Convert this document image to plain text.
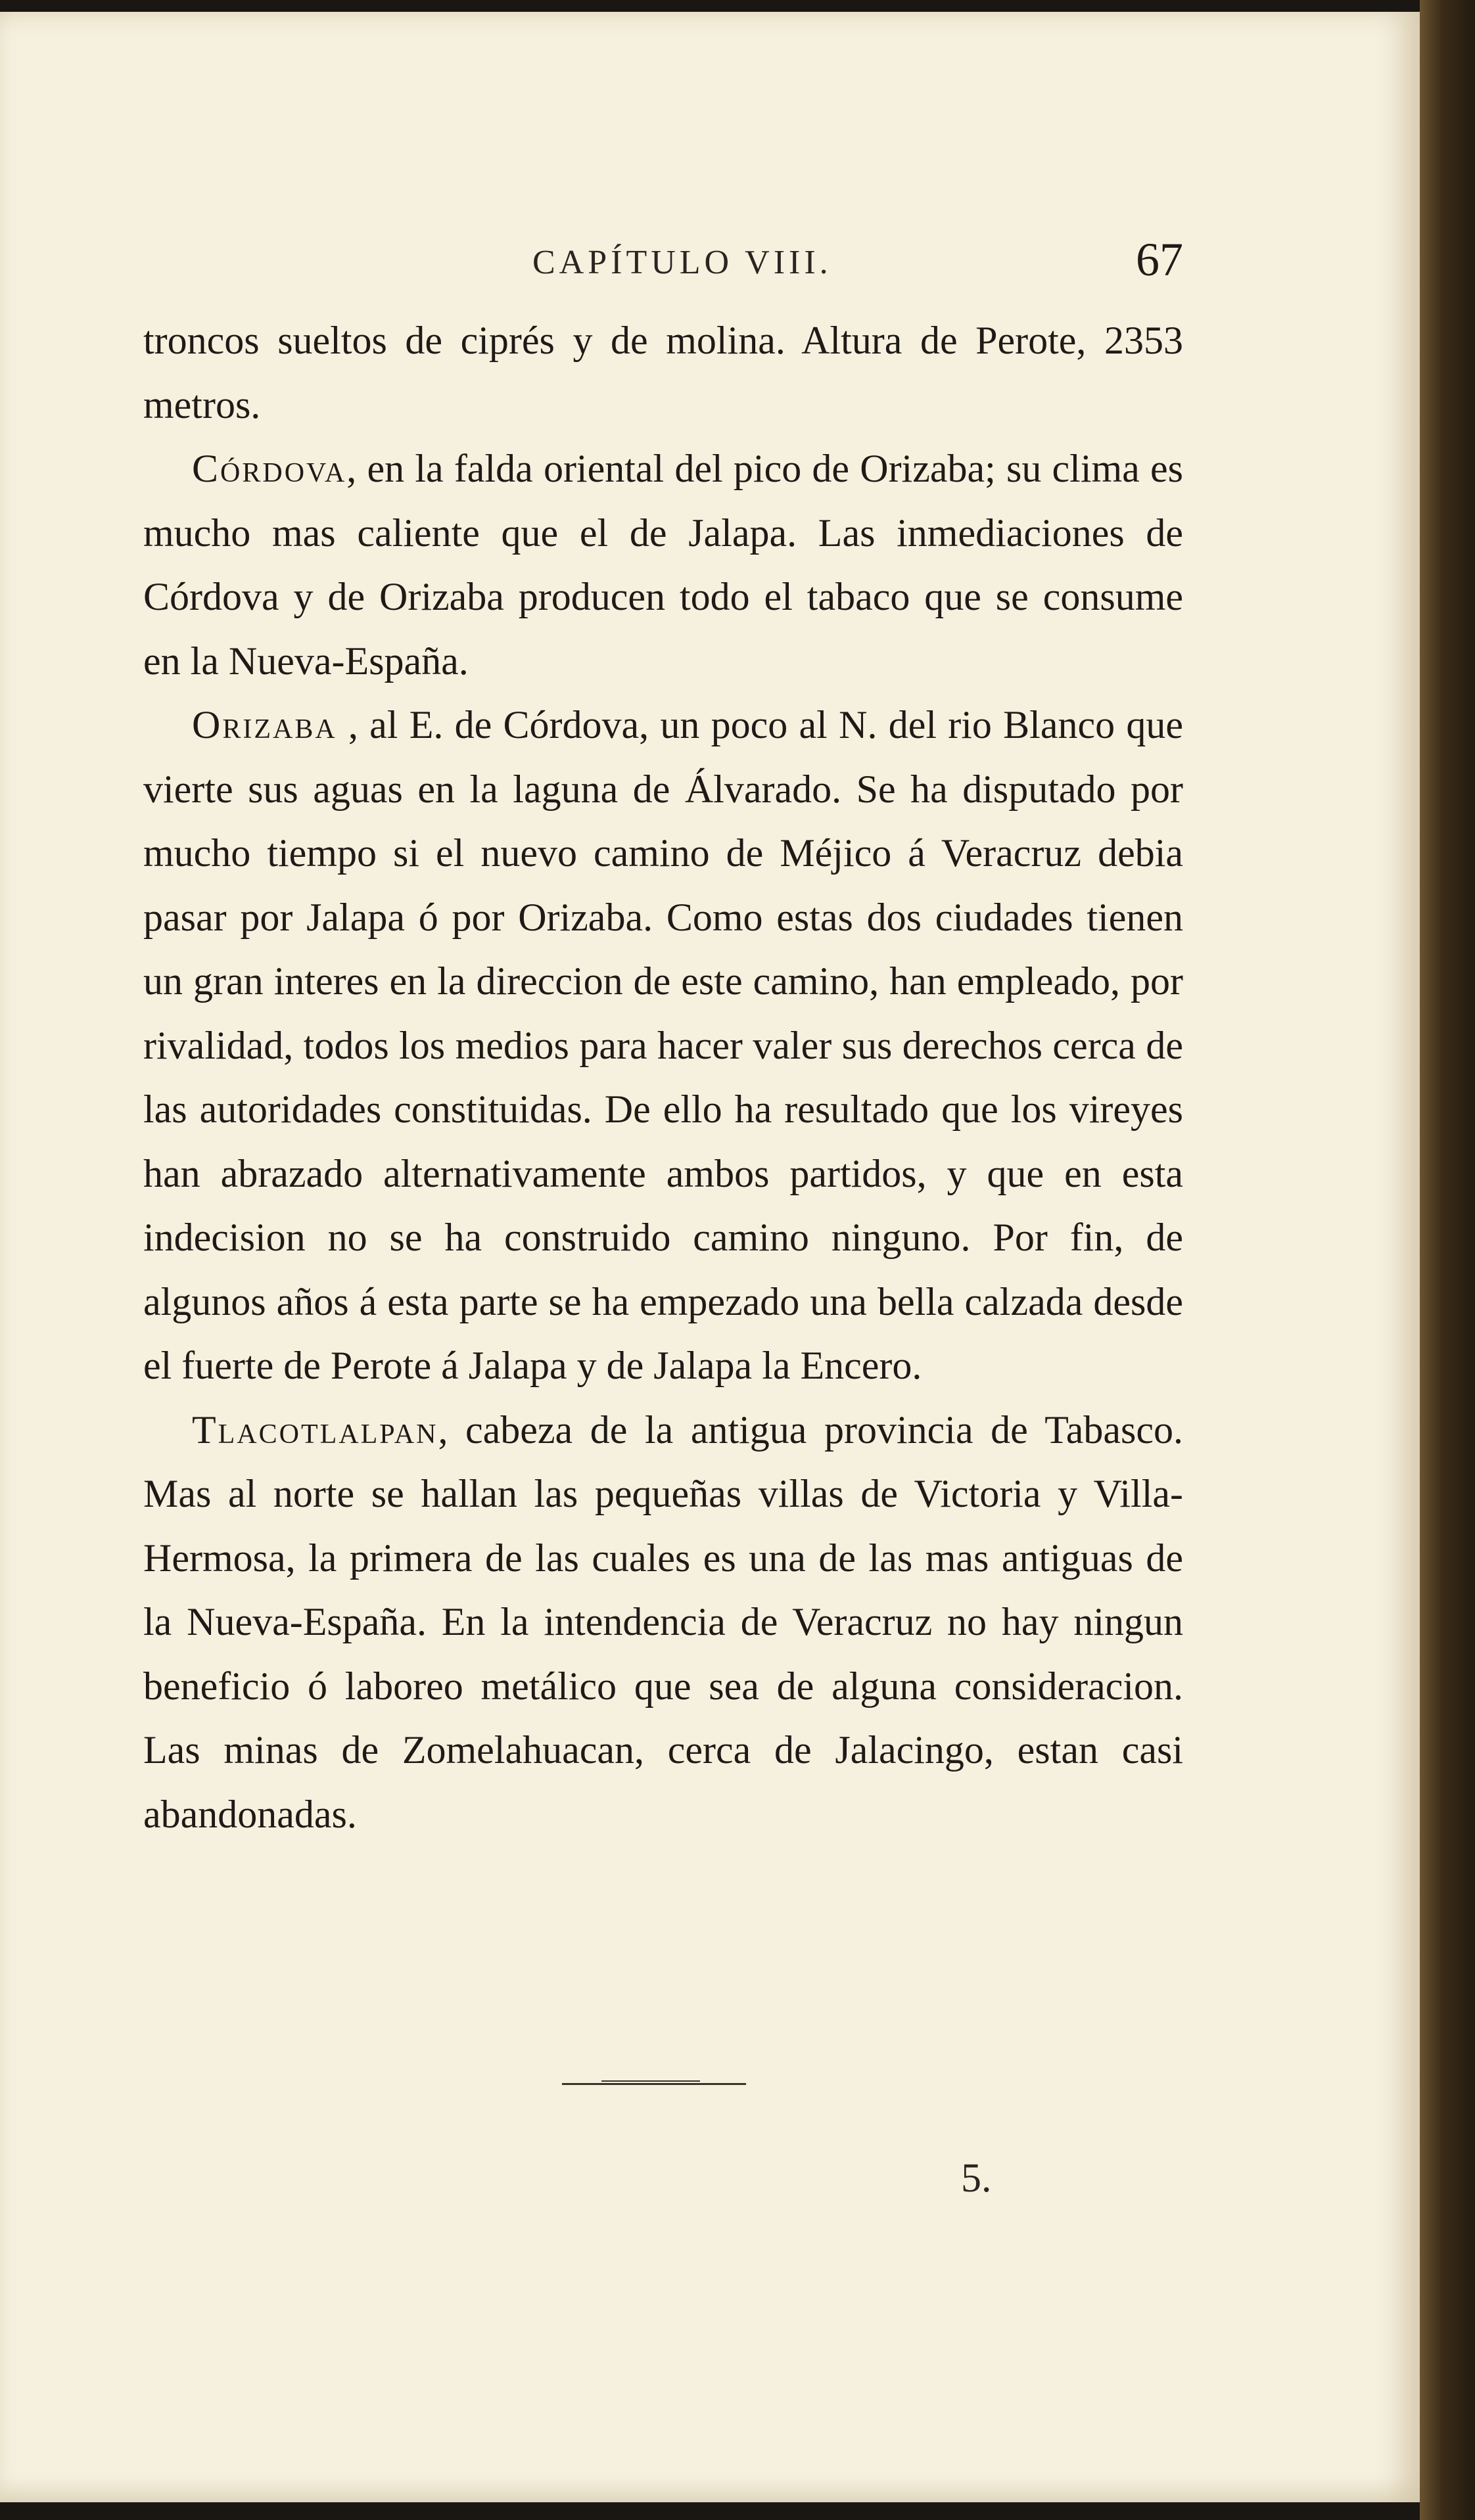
CAPÍTULO VIII.	67

troncos sueltos de ciprés y de molina. Altura de Perote, 2353 metros.

Córdova, en la falda oriental del pico de Orizaba; su clima es mucho mas caliente que el de Jalapa. Las inmediaciones de Córdova y de Orizaba producen todo el tabaco que se consume en la Nueva-España.

Orizaba , al E. de Córdova, un poco al N. del rio Blanco que vierte sus aguas en la laguna de Álvarado. Se ha disputado por mucho tiempo si el nuevo camino de Méjico á Veracruz debia pasar por Jalapa ó por Orizaba. Como estas dos ciudades tienen un gran interes en la direccion de este camino, han empleado, por rivalidad, todos los medios para hacer valer sus derechos cerca de las autoridades constituidas. De ello ha resultado que los vireyes han abrazado alternativamente ambos partidos, y que en esta indecision no se ha construido camino ninguno. Por fin, de algunos años á esta parte se ha empezado una bella calzada desde el fuerte de Perote á Jalapa y de Jalapa la Encero.

Tlacotlalpan, cabeza de la antigua provincia de Tabasco. Mas al norte se hallan las pequeñas villas de Victoria y Villa-Hermosa, la primera de las cuales es una de las mas antiguas de la Nueva-España. En la intendencia de Veracruz no hay ningun beneficio ó laboreo metálico que sea de alguna consideracion. Las minas de Zomelahuacan, cerca de Jalacingo, estan casi abandonadas.

5.
